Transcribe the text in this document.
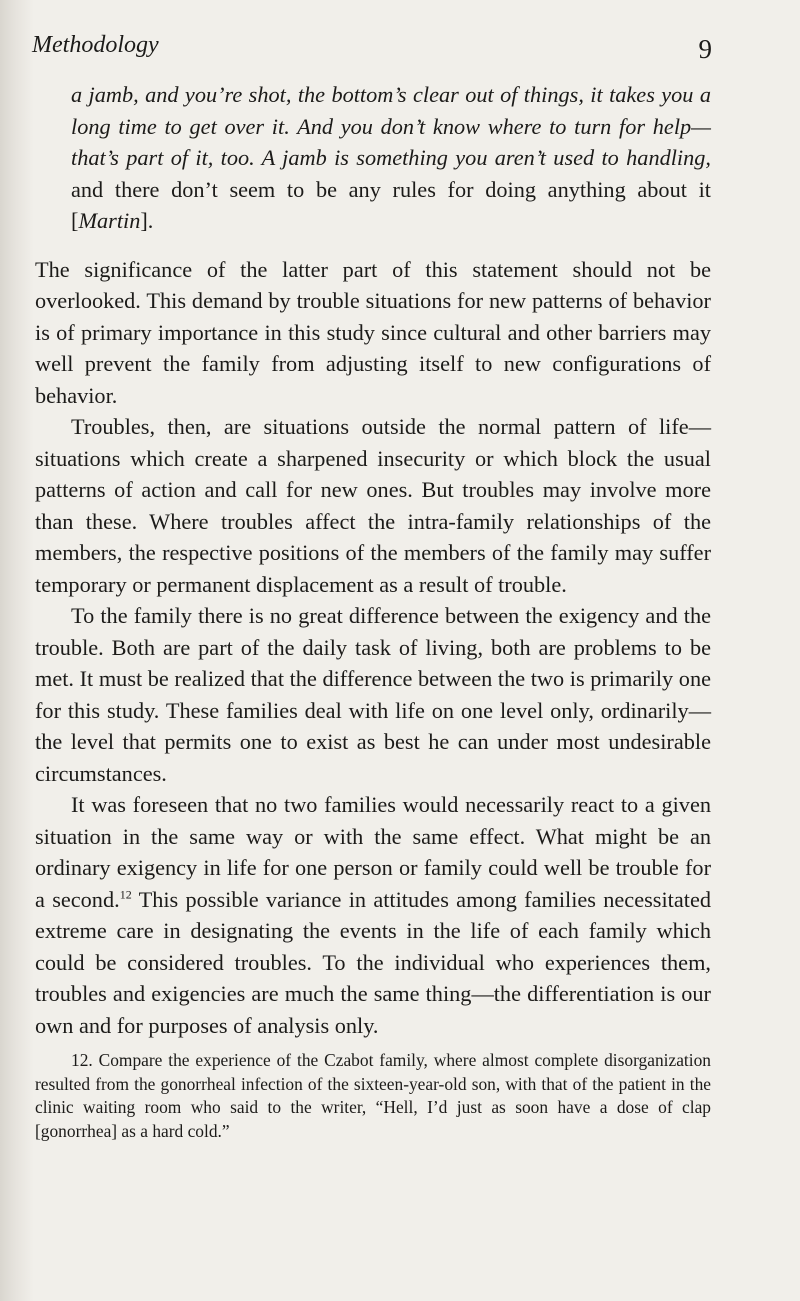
Methodology	9

a jamb, and you’re shot, the bottom’s clear out of things, it takes you a long time to get over it. And you don’t know where to turn for help—that’s part of it, too. A jamb is something you aren’t used to handling, and there don’t seem to be any rules for doing anything about it [Martin].

The significance of the latter part of this statement should not be overlooked. This demand by trouble situations for new patterns of behavior is of primary importance in this study since cultural and other barriers may well prevent the family from adjusting itself to new configurations of behavior.

Troubles, then, are situations outside the normal pattern of life—situations which create a sharpened insecurity or which block the usual patterns of action and call for new ones. But troubles may involve more than these. Where troubles affect the intra-family relationships of the members, the respective positions of the members of the family may suffer temporary or permanent displacement as a result of trouble.

To the family there is no great difference between the exigency and the trouble. Both are part of the daily task of living, both are problems to be met. It must be realized that the difference between the two is primarily one for this study. These families deal with life on one level only, ordinarily—the level that permits one to exist as best he can under most undesirable circumstances.

It was foreseen that no two families would necessarily react to a given situation in the same way or with the same effect. What might be an ordinary exigency in life for one person or family could well be trouble for a second.$^{12}$ This possible variance in attitudes among families necessitated extreme care in designating the events in the life of each family which could be considered troubles. To the individual who experiences them, troubles and exigencies are much the same thing—the differentiation is our own and for purposes of analysis only.

12. Compare the experience of the Czabot family, where almost complete disorganization resulted from the gonorrheal infection of the sixteen-year-old son, with that of the patient in the clinic waiting room who said to the writer, “Hell, I’d just as soon have a dose of clap [gonorrhea] as a hard cold.”
